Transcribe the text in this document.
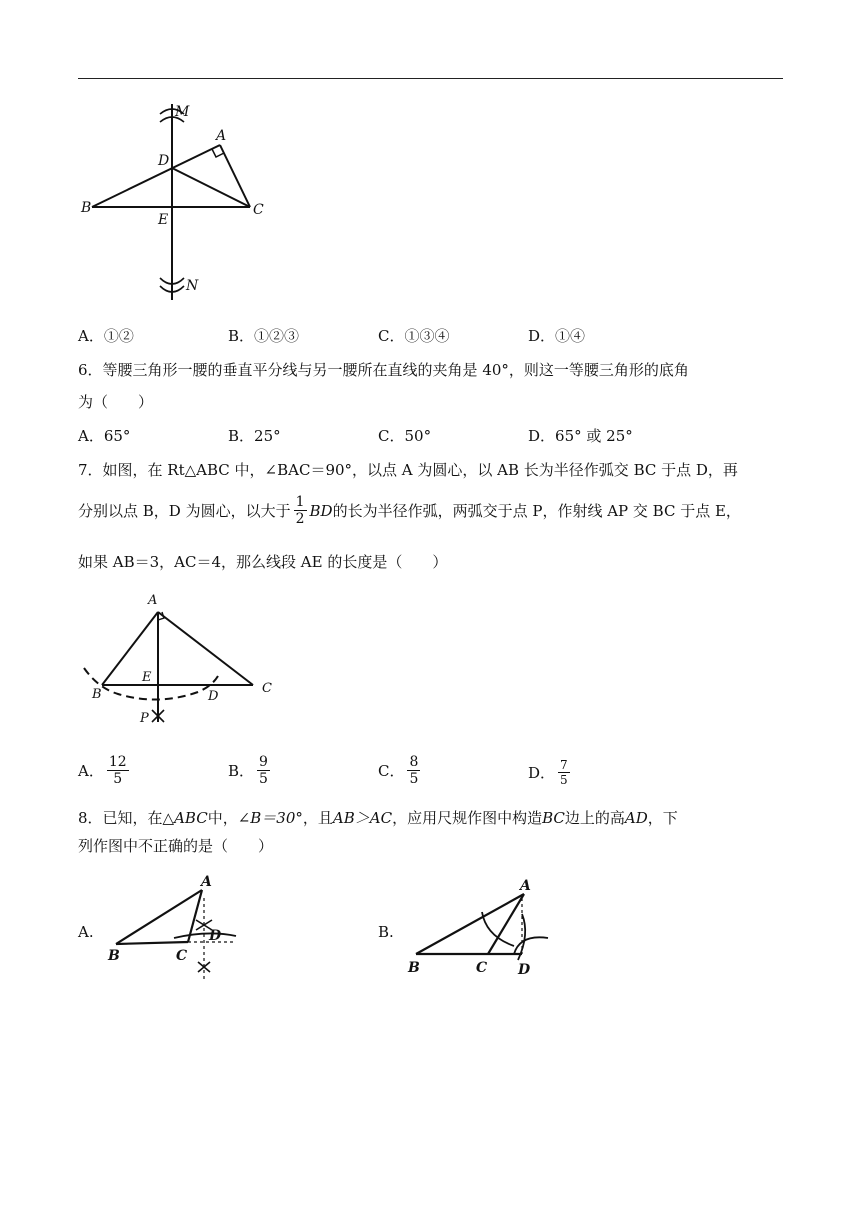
M
A
D
B
E
C
N
A．①②	B．①②③	C．①③④	D．①④
6．等腰三角形一腰的垂直平分线与另一腰所在直线的夹角是 40°，则这一等腰三角形的底角
为（　　）
A．65°	B．25°	C．50°	D．65° 或 25°
7．如图，在 Rt△ABC 中，∠BAC＝90°，以点 A 为圆心，以 AB 长为半径作弧交 BC 于点 D，再
分别以点 B，D 为圆心，以大于 $\frac{1}{2}$ BD 的长为半径作弧，两弧交于点 P，作射线 AP 交 BC 于点 E，
如果 AB＝3，AC＝4，那么线段 AE 的长度是（　　）
A
E
B	D
C
P
A． $\frac{12}{5}$	B． $\frac{9}{5}$	C． $\frac{8}{5}$	D． $\frac{7}{5}$
8．已知，在△ABC中，∠B＝30°，且AB＞AC，应用尺规作图中构造BC边上的高AD，下
列作图中不正确的是（　　）
A.
A
B	C
D	B.
A
B	C D
